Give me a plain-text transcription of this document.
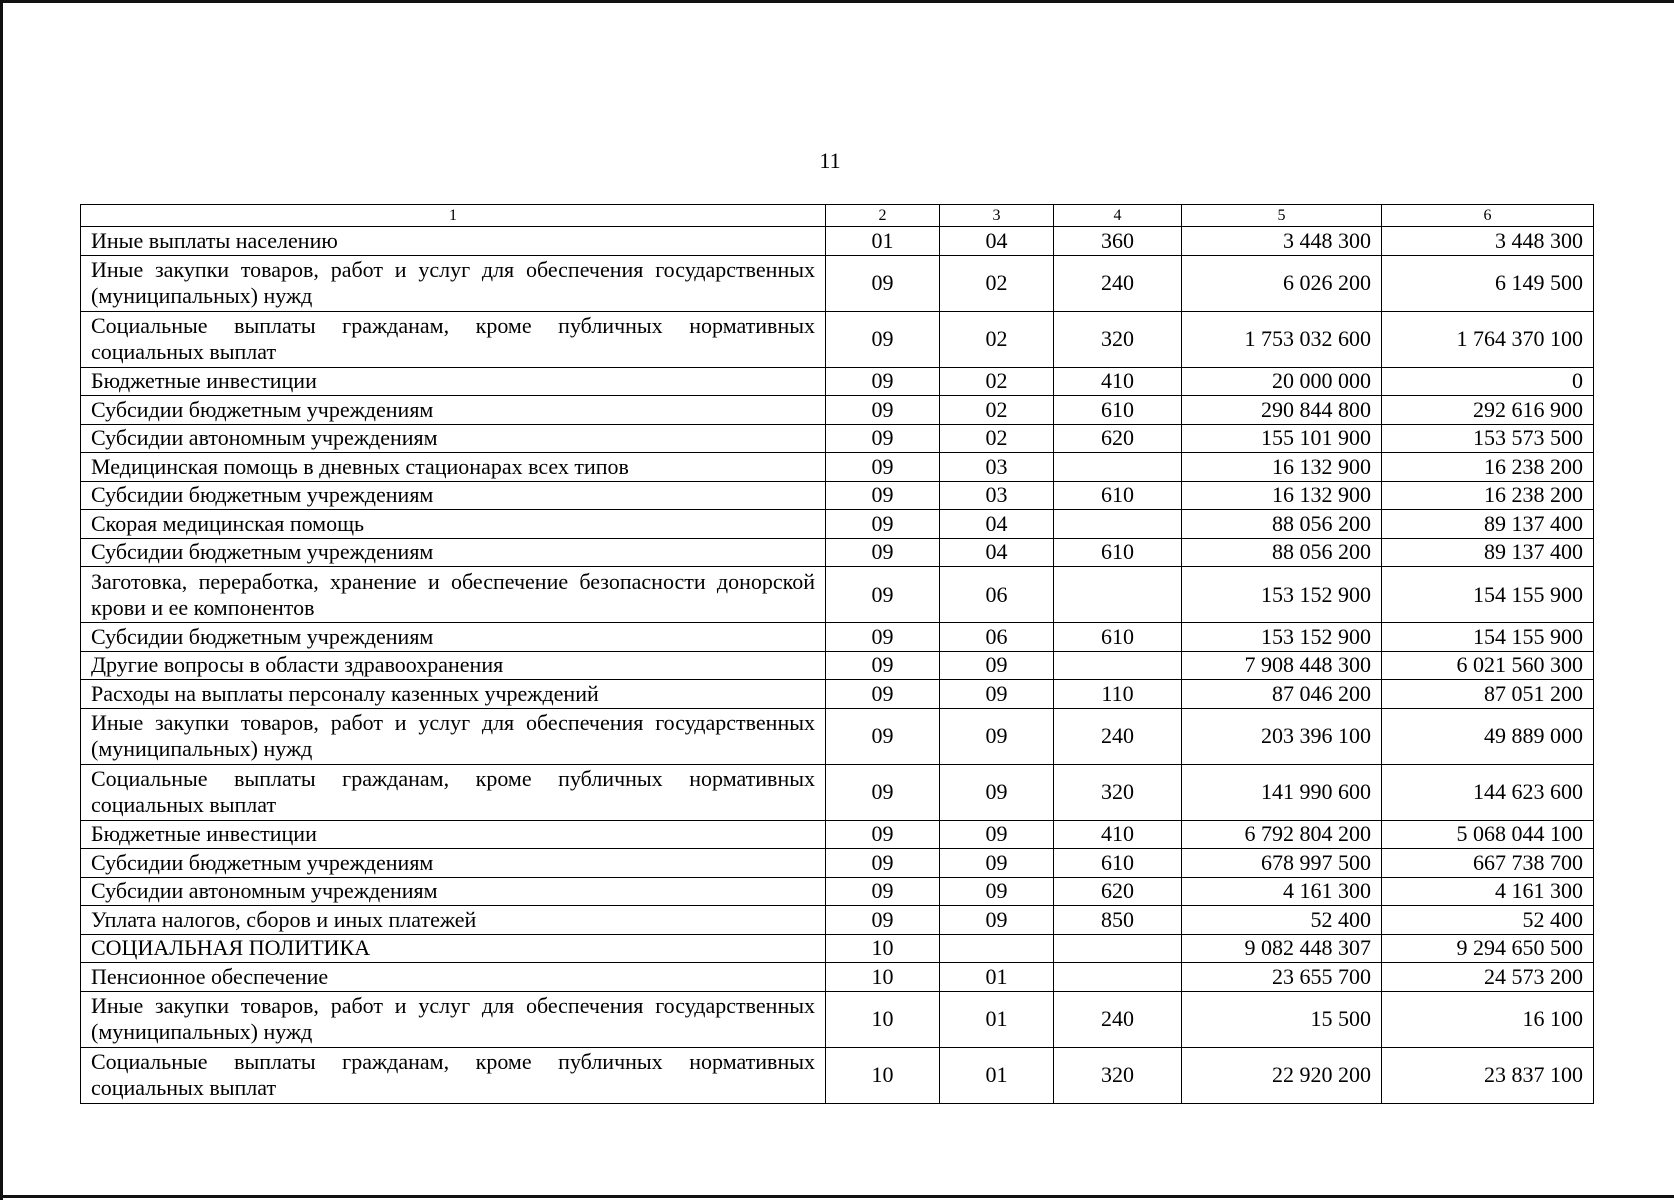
11
1	2	3	4	5	6
Иные выплаты населению	01	04	360	3 448 300	3 448 300
Иные закупки товаров, работ и услуг для обеспечения государственных (муниципальных) нужд	09	02	240	6 026 200	6 149 500
Социальные выплаты гражданам, кроме публичных нормативных социальных выплат	09	02	320	1 753 032 600	1 764 370 100
Бюджетные инвестиции	09	02	410	20 000 000	0
Субсидии бюджетным учреждениям	09	02	610	290 844 800	292 616 900
Субсидии автономным учреждениям	09	02	620	155 101 900	153 573 500
Медицинская помощь в дневных стационарах всех типов	09	03		16 132 900	16 238 200
Субсидии бюджетным учреждениям	09	03	610	16 132 900	16 238 200
Скорая медицинская помощь	09	04		88 056 200	89 137 400
Субсидии бюджетным учреждениям	09	04	610	88 056 200	89 137 400
Заготовка, переработка, хранение и обеспечение безопасности донорской крови и ее компонентов	09	06		153 152 900	154 155 900
Субсидии бюджетным учреждениям	09	06	610	153 152 900	154 155 900
Другие вопросы в области здравоохранения	09	09		7 908 448 300	6 021 560 300
Расходы на выплаты персоналу казенных учреждений	09	09	110	87 046 200	87 051 200
Иные закупки товаров, работ и услуг для обеспечения государственных (муниципальных) нужд	09	09	240	203 396 100	49 889 000
Социальные выплаты гражданам, кроме публичных нормативных социальных выплат	09	09	320	141 990 600	144 623 600
Бюджетные инвестиции	09	09	410	6 792 804 200	5 068 044 100
Субсидии бюджетным учреждениям	09	09	610	678 997 500	667 738 700
Субсидии автономным учреждениям	09	09	620	4 161 300	4 161 300
Уплата налогов, сборов и иных платежей	09	09	850	52 400	52 400
СОЦИАЛЬНАЯ ПОЛИТИКА	10			9 082 448 307	9 294 650 500
Пенсионное обеспечение	10	01		23 655 700	24 573 200
Иные закупки товаров, работ и услуг для обеспечения государственных (муниципальных) нужд	10	01	240	15 500	16 100
Социальные выплаты гражданам, кроме публичных нормативных социальных выплат	10	01	320	22 920 200	23 837 100
